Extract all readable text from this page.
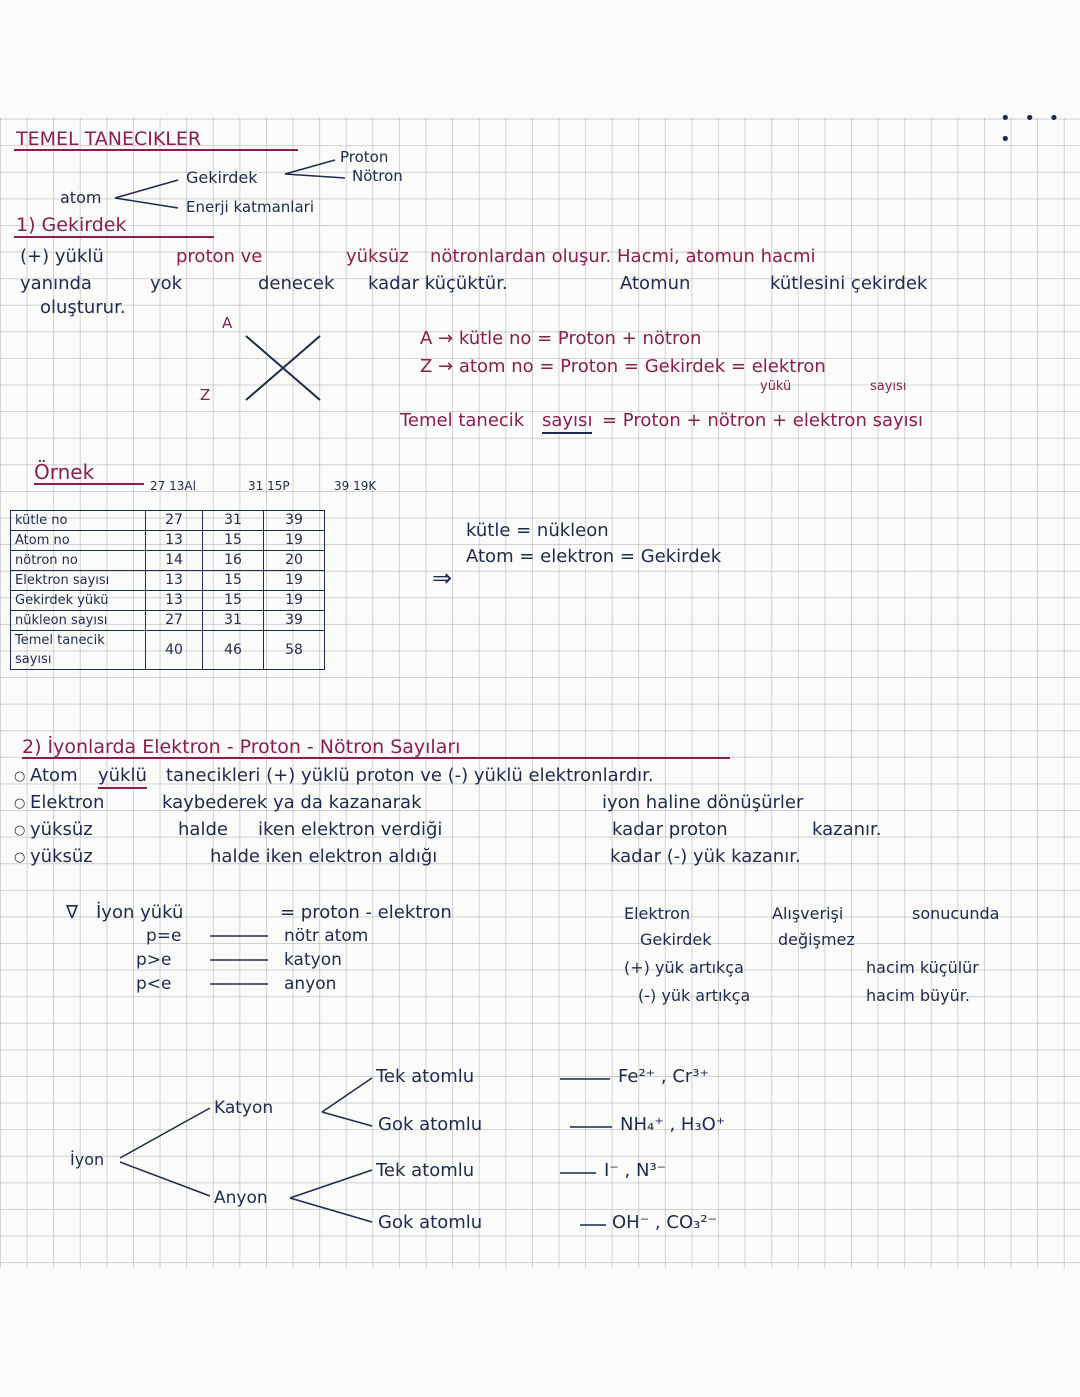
• • • •
TEMEL TANECIKLER
atom
Gekirdek
Enerji katmanlari
Proton
Nötron
1) Gekirdek
(+) yüklü	proton ve	yüksüz nötronlardan oluşur. Hacmi, atomun hacmi
yanında	yok	denecek kadar küçüktür.	Atomun	kütlesini çekirdek
oluşturur.
A
Z
A → kütle no = Proton + nötron
Z → atom no = Proton = Gekirdek = elektron
yükü	sayısı
Temel tanecik sayısı = Proton + nötron + elektron sayısı
Örnek
27 13Al	31 15P	39 19K
kütle no	27	31	39
Atom no	13	15	19
nötron no	14	16	20
Elektron sayısı	13	15	19
Gekirdek yükü	13	15	19
nükleon sayısı	27	31	39
Temel tanecik sayısı	40	46	58
⇒
kütle = nükleon
Atom = elektron = Gekirdek
2) İyonlarda Elektron - Proton - Nötron Sayıları
○ Atom yüklü tanecikleri (+) yüklü proton ve (-) yüklü elektronlardır.
○ Elektron	kaybederek ya da kazanarak	iyon haline dönüşürler
○ yüksüz	halde iken elektron verdiği	kadar proton	kazanır.
○ yüksüz	halde iken elektron aldığı	kadar (-) yük kazanır.
∇ İyon yükü	= proton - elektron
p=e	nötr atom
p>e	katyon
p<e	anyon
Elektron	Alışverişi	sonucunda
Gekirdek	değişmez
(+) yük artıkça	hacim küçülür
(-) yük artıkça	hacim büyür.
İyon
Katyon
Anyon
Tek atomlu
Gok atomlu
Tek atomlu
Gok atomlu
Fe²⁺ , Cr³⁺
NH₄⁺ , H₃O⁺
I⁻ , N³⁻
OH⁻ , CO₃²⁻
